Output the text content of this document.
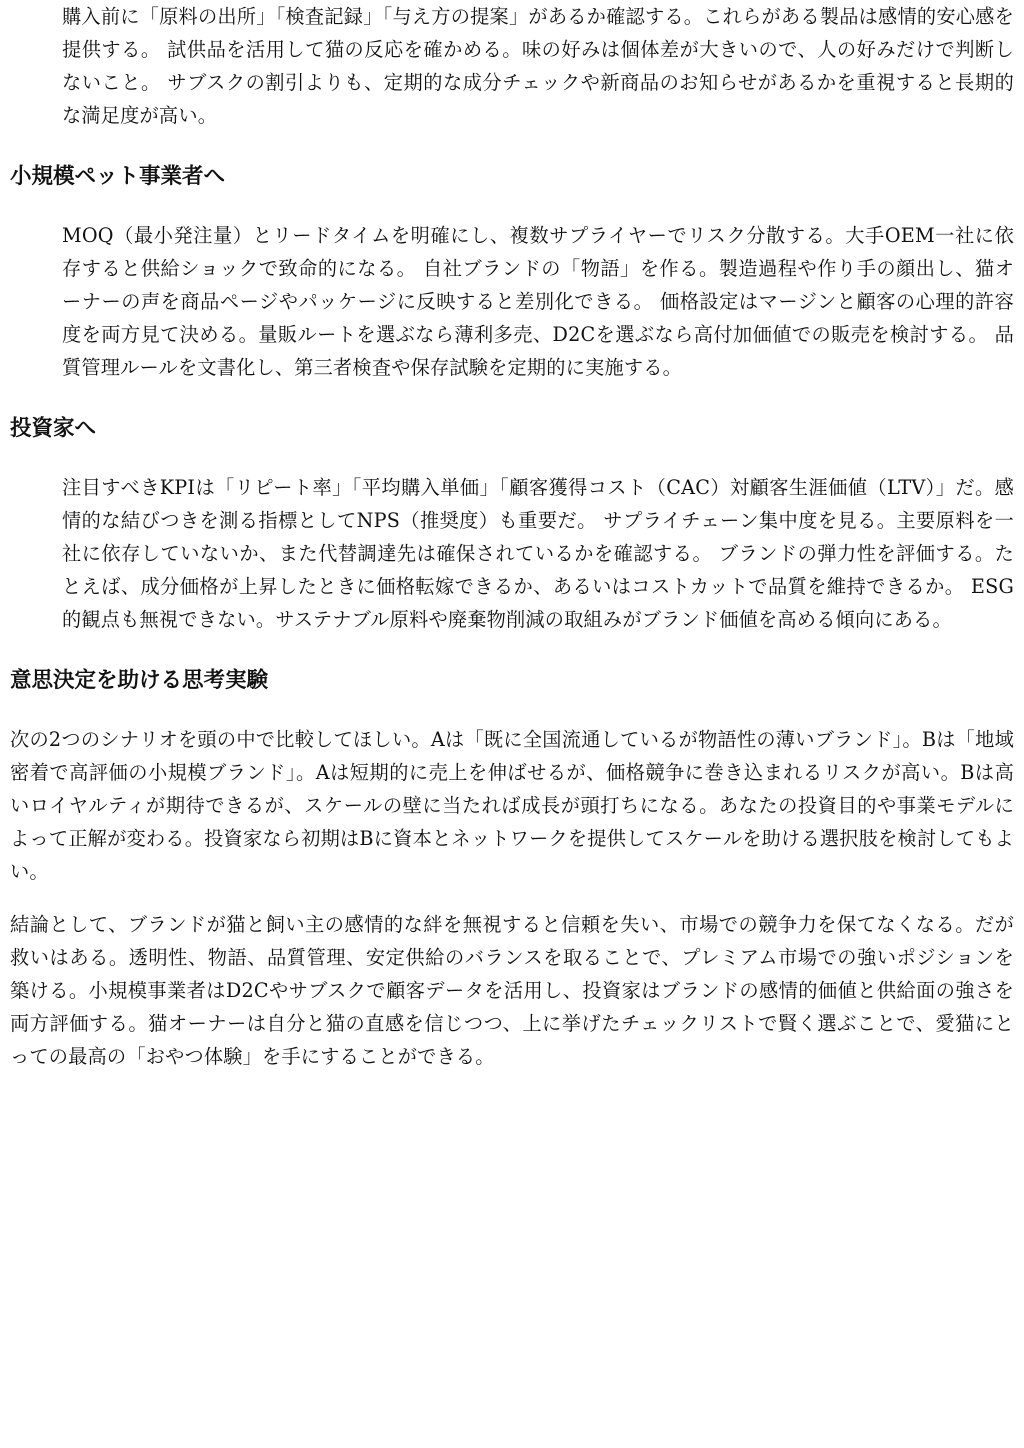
購入前に「原料の出所」「検査記録」「与え方の提案」があるか確認する。これらがある製品は感情的安心感を提供する。 試供品を活用して猫の反応を確かめる。味の好みは個体差が大きいので、人の好みだけで判断しないこと。 サブスクの割引よりも、定期的な成分チェックや新商品のお知らせがあるかを重視すると長期的な満足度が高い。

小規模ペット事業者へ

MOQ（最小発注量）とリードタイムを明確にし、複数サプライヤーでリスク分散する。大手OEM一社に依存すると供給ショックで致命的になる。 自社ブランドの「物語」を作る。製造過程や作り手の顔出し、猫オーナーの声を商品ページやパッケージに反映すると差別化できる。 価格設定はマージンと顧客の心理的許容度を両方見て決める。量販ルートを選ぶなら薄利多売、D2Cを選ぶなら高付加価値での販売を検討する。 品質管理ルールを文書化し、第三者検査や保存試験を定期的に実施する。

投資家へ

注目すべきKPIは「リピート率」「平均購入単価」「顧客獲得コスト（CAC）対顧客生涯価値（LTV）」だ。感情的な結びつきを測る指標としてNPS（推奨度）も重要だ。 サプライチェーン集中度を見る。主要原料を一社に依存していないか、また代替調達先は確保されているかを確認する。 ブランドの弾力性を評価する。たとえば、成分価格が上昇したときに価格転嫁できるか、あるいはコストカットで品質を維持できるか。 ESG的観点も無視できない。サステナブル原料や廃棄物削減の取組みがブランド価値を高める傾向にある。

意思決定を助ける思考実験

次の2つのシナリオを頭の中で比較してほしい。Aは「既に全国流通しているが物語性の薄いブランド」。Bは「地域密着で高評価の小規模ブランド」。Aは短期的に売上を伸ばせるが、価格競争に巻き込まれるリスクが高い。Bは高いロイヤルティが期待できるが、スケールの壁に当たれば成長が頭打ちになる。あなたの投資目的や事業モデルによって正解が変わる。投資家なら初期はBに資本とネットワークを提供してスケールを助ける選択肢を検討してもよい。

結論として、ブランドが猫と飼い主の感情的な絆を無視すると信頼を失い、市場での競争力を保てなくなる。だが救いはある。透明性、物語、品質管理、安定供給のバランスを取ることで、プレミアム市場での強いポジションを築ける。小規模事業者はD2Cやサブスクで顧客データを活用し、投資家はブランドの感情的価値と供給面の強さを両方評価する。猫オーナーは自分と猫の直感を信じつつ、上に挙げたチェックリストで賢く選ぶことで、愛猫にとっての最高の「おやつ体験」を手にすることができる。
